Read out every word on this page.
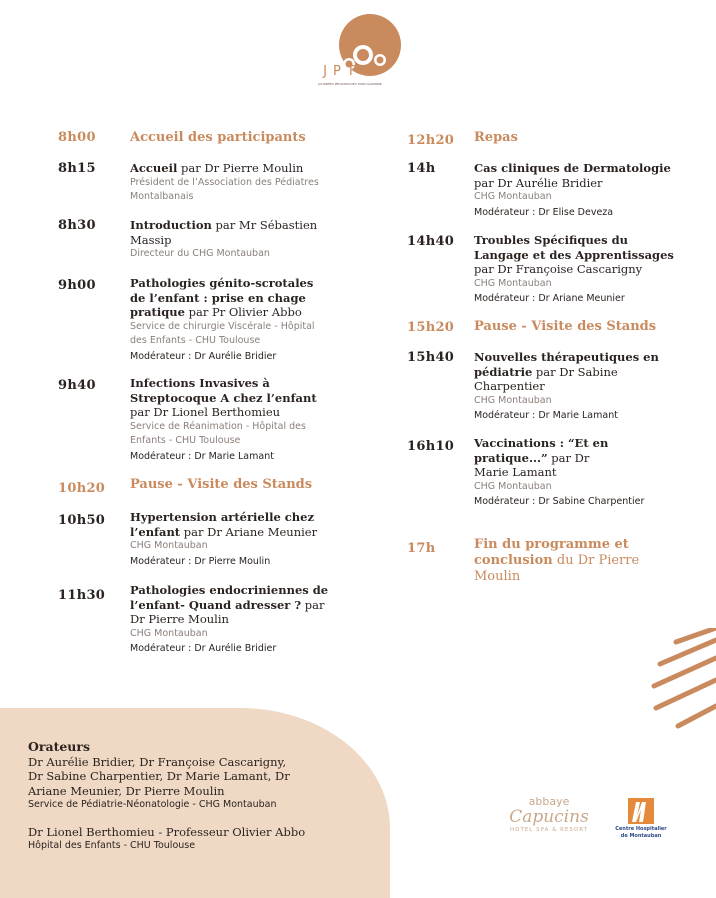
JPTG
JOURNÉES PÉDIATRIQUES TARN GARONNE
8h00	Accueil des participants
8h15	Accueil par Dr Pierre Moulin
Président de l’Association des Pédiatres Montalbanais
8h30	Introduction par Mr Sébastien Massip
Directeur du CHG Montauban
9h00	Pathologies génito-scrotales de l’enfant : prise en chage pratique par Pr Olivier Abbo
Service de chirurgie Viscérale - Hôpital des Enfants - CHU Toulouse
Modérateur : Dr Aurélie Bridier
9h40	Infections Invasives à Streptocoque A chez l’enfant par Dr Lionel Berthomieu
Service de Réanimation - Hôpital des Enfants - CHU Toulouse
Modérateur : Dr Marie Lamant
10h20 Pause - Visite des Stands
10h50 Hypertension artérielle chez l’enfant par Dr Ariane Meunier
CHG Montauban
Modérateur : Dr Pierre Moulin
11h30 Pathologies endocriniennes de l’enfant- Quand adresser ? par Dr Pierre Moulin
CHG Montauban
Modérateur : Dr Aurélie Bridier
12h20 Repas
14h	Cas cliniques de Dermatologie par Dr Aurélie Bridier
CHG Montauban
Modérateur : Dr Elise Deveza
14h40 Troubles Spécifiques du Langage et des Apprentissages par Dr Françoise Cascarigny
CHG Montauban
Modérateur : Dr Ariane Meunier
15h20 Pause - Visite des Stands
15h40 Nouvelles thérapeutiques en pédiatrie par Dr Sabine Charpentier
CHG Montauban
Modérateur : Dr Marie Lamant
16h10 Vaccinations : “Et en pratique...” par Dr Marie Lamant
CHG Montauban
Modérateur : Dr Sabine Charpentier
17h	Fin du programme et conclusion du Dr Pierre Moulin
Orateurs
Dr Aurélie Bridier, Dr Françoise Cascarigny, Dr Sabine Charpentier, Dr Marie Lamant, Dr Ariane Meunier, Dr Pierre Moulin
Service de Pédiatrie-Néonatologie - CHG Montauban
Dr Lionel Berthomieu - Professeur Olivier Abbo
Hôpital des Enfants - CHU Toulouse
abbaye
Capucins
HOTEL SPA & RESORT	Centre Hospitalier
de Montauban
